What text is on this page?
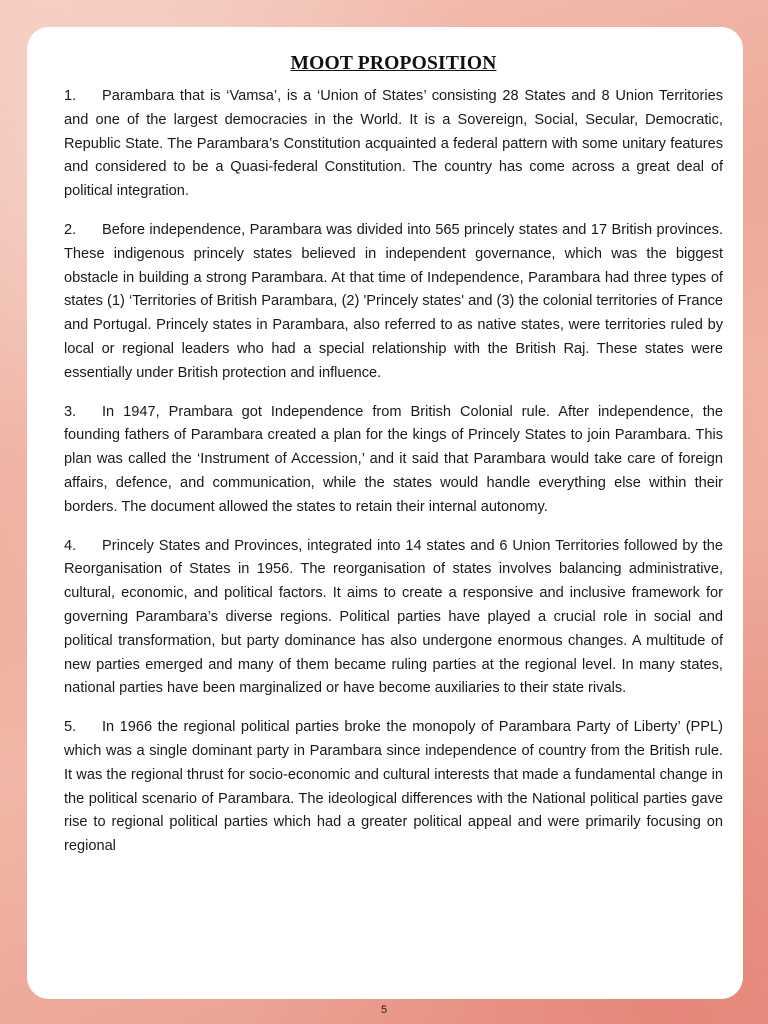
MOOT PROPOSITION

1. Parambara that is ‘Vamsa’, is a ‘Union of States’ consisting 28 States and 8 Union Territories and one of the largest democracies in the World. It is a Sovereign, Social, Secular, Democratic, Republic State. The Parambara’s Constitution acquainted a federal pattern with some unitary features and considered to be a Quasi-federal Constitution. The country has come across a great deal of political integration.

2. Before independence, Parambara was divided into 565 princely states and 17 British provinces. These indigenous princely states believed in independent governance, which was the biggest obstacle in building a strong Parambara. At that time of Independence, Parambara had three types of states (1) ‘Territories of British Parambara, (2) 'Princely states' and (3) the colonial territories of France and Portugal. Princely states in Parambara, also referred to as native states, were territories ruled by local or regional leaders who had a special relationship with the British Raj. These states were essentially under British protection and influence.

3. In 1947, Prambara got Independence from British Colonial rule. After independence, the founding fathers of Parambara created a plan for the kings of Princely States to join Parambara. This plan was called the ‘Instrument of Accession,’ and it said that Parambara would take care of foreign affairs, defence, and communication, while the states would handle everything else within their borders. The document allowed the states to retain their internal autonomy.

4. Princely States and Provinces, integrated into 14 states and 6 Union Territories followed by the Reorganisation of States in 1956. The reorganisation of states involves balancing administrative, cultural, economic, and political factors. It aims to create a responsive and inclusive framework for governing Parambara’s diverse regions. Political parties have played a crucial role in social and political transformation, but party dominance has also undergone enormous changes. A multitude of new parties emerged and many of them became ruling parties at the regional level. In many states, national parties have been marginalized or have become auxiliaries to their state rivals.

5. In 1966 the regional political parties broke the monopoly of Parambara Party of Liberty’ (PPL) which was a single dominant party in Parambara since independence of country from the British rule. It was the regional thrust for socio-economic and cultural interests that made a fundamental change in the political scenario of Parambara. The ideological differences with the National political parties gave rise to regional political parties which had a greater political appeal and were primarily focusing on regional

5
